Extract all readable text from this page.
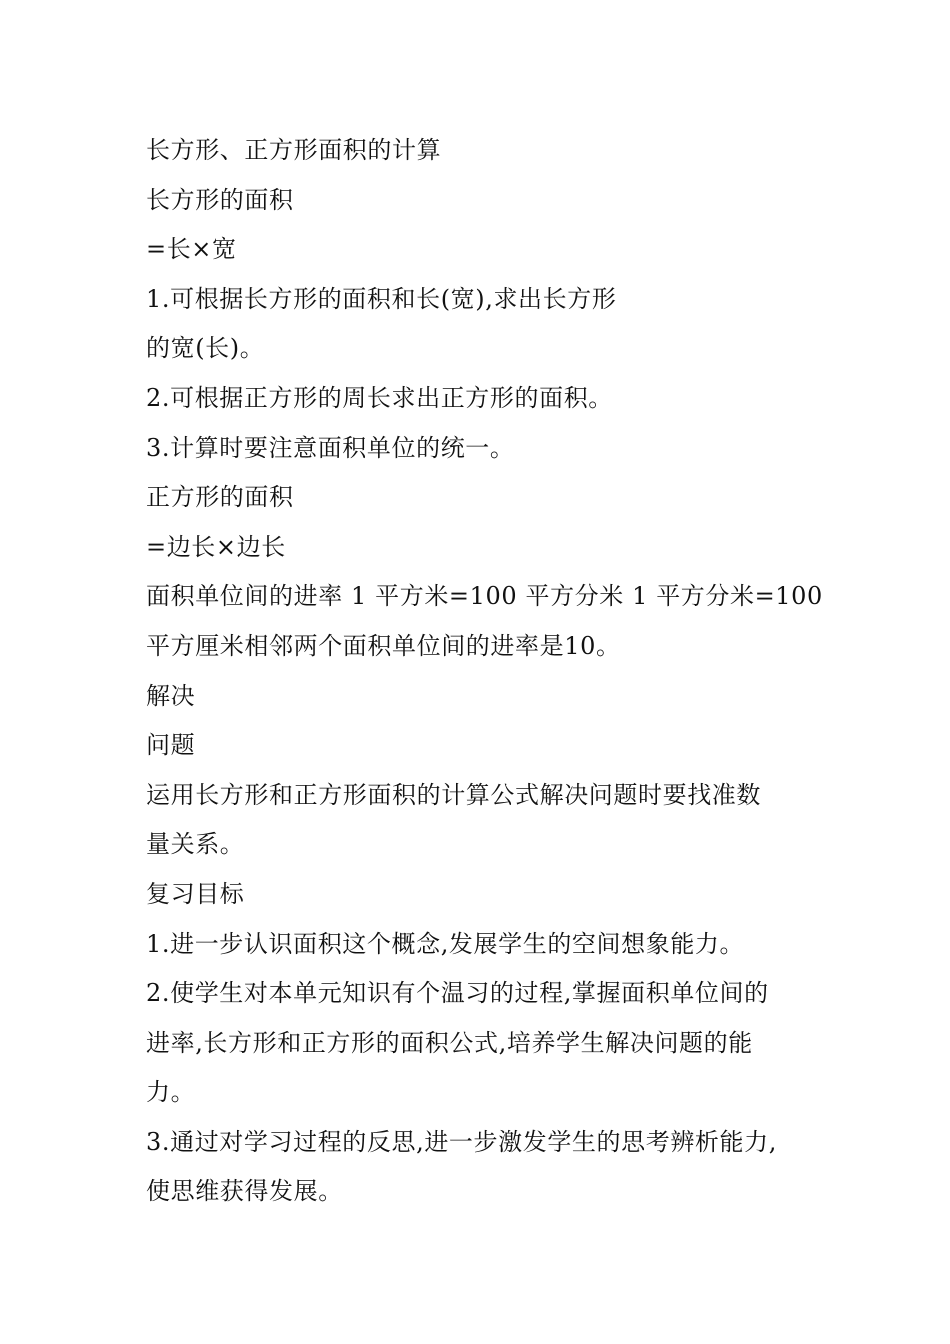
长方形、正方形面积的计算
长方形的面积
=长×宽
1.可根据长方形的面积和长(宽),求出长方形
的宽(长)。
2.可根据正方形的周长求出正方形的面积。
3.计算时要注意面积单位的统一。
正方形的面积
=边长×边长
面积单位间的进率 1 平方米=100 平方分米 1 平方分米=100
平方厘米相邻两个面积单位间的进率是10。
解决
问题
运用长方形和正方形面积的计算公式解决问题时要找准数
量关系。
复习目标
1.进一步认识面积这个概念,发展学生的空间想象能力。
2.使学生对本单元知识有个温习的过程,掌握面积单位间的
进率,长方形和正方形的面积公式,培养学生解决问题的能
力。
3.通过对学习过程的反思,进一步激发学生的思考辨析能力,
使思维获得发展。
